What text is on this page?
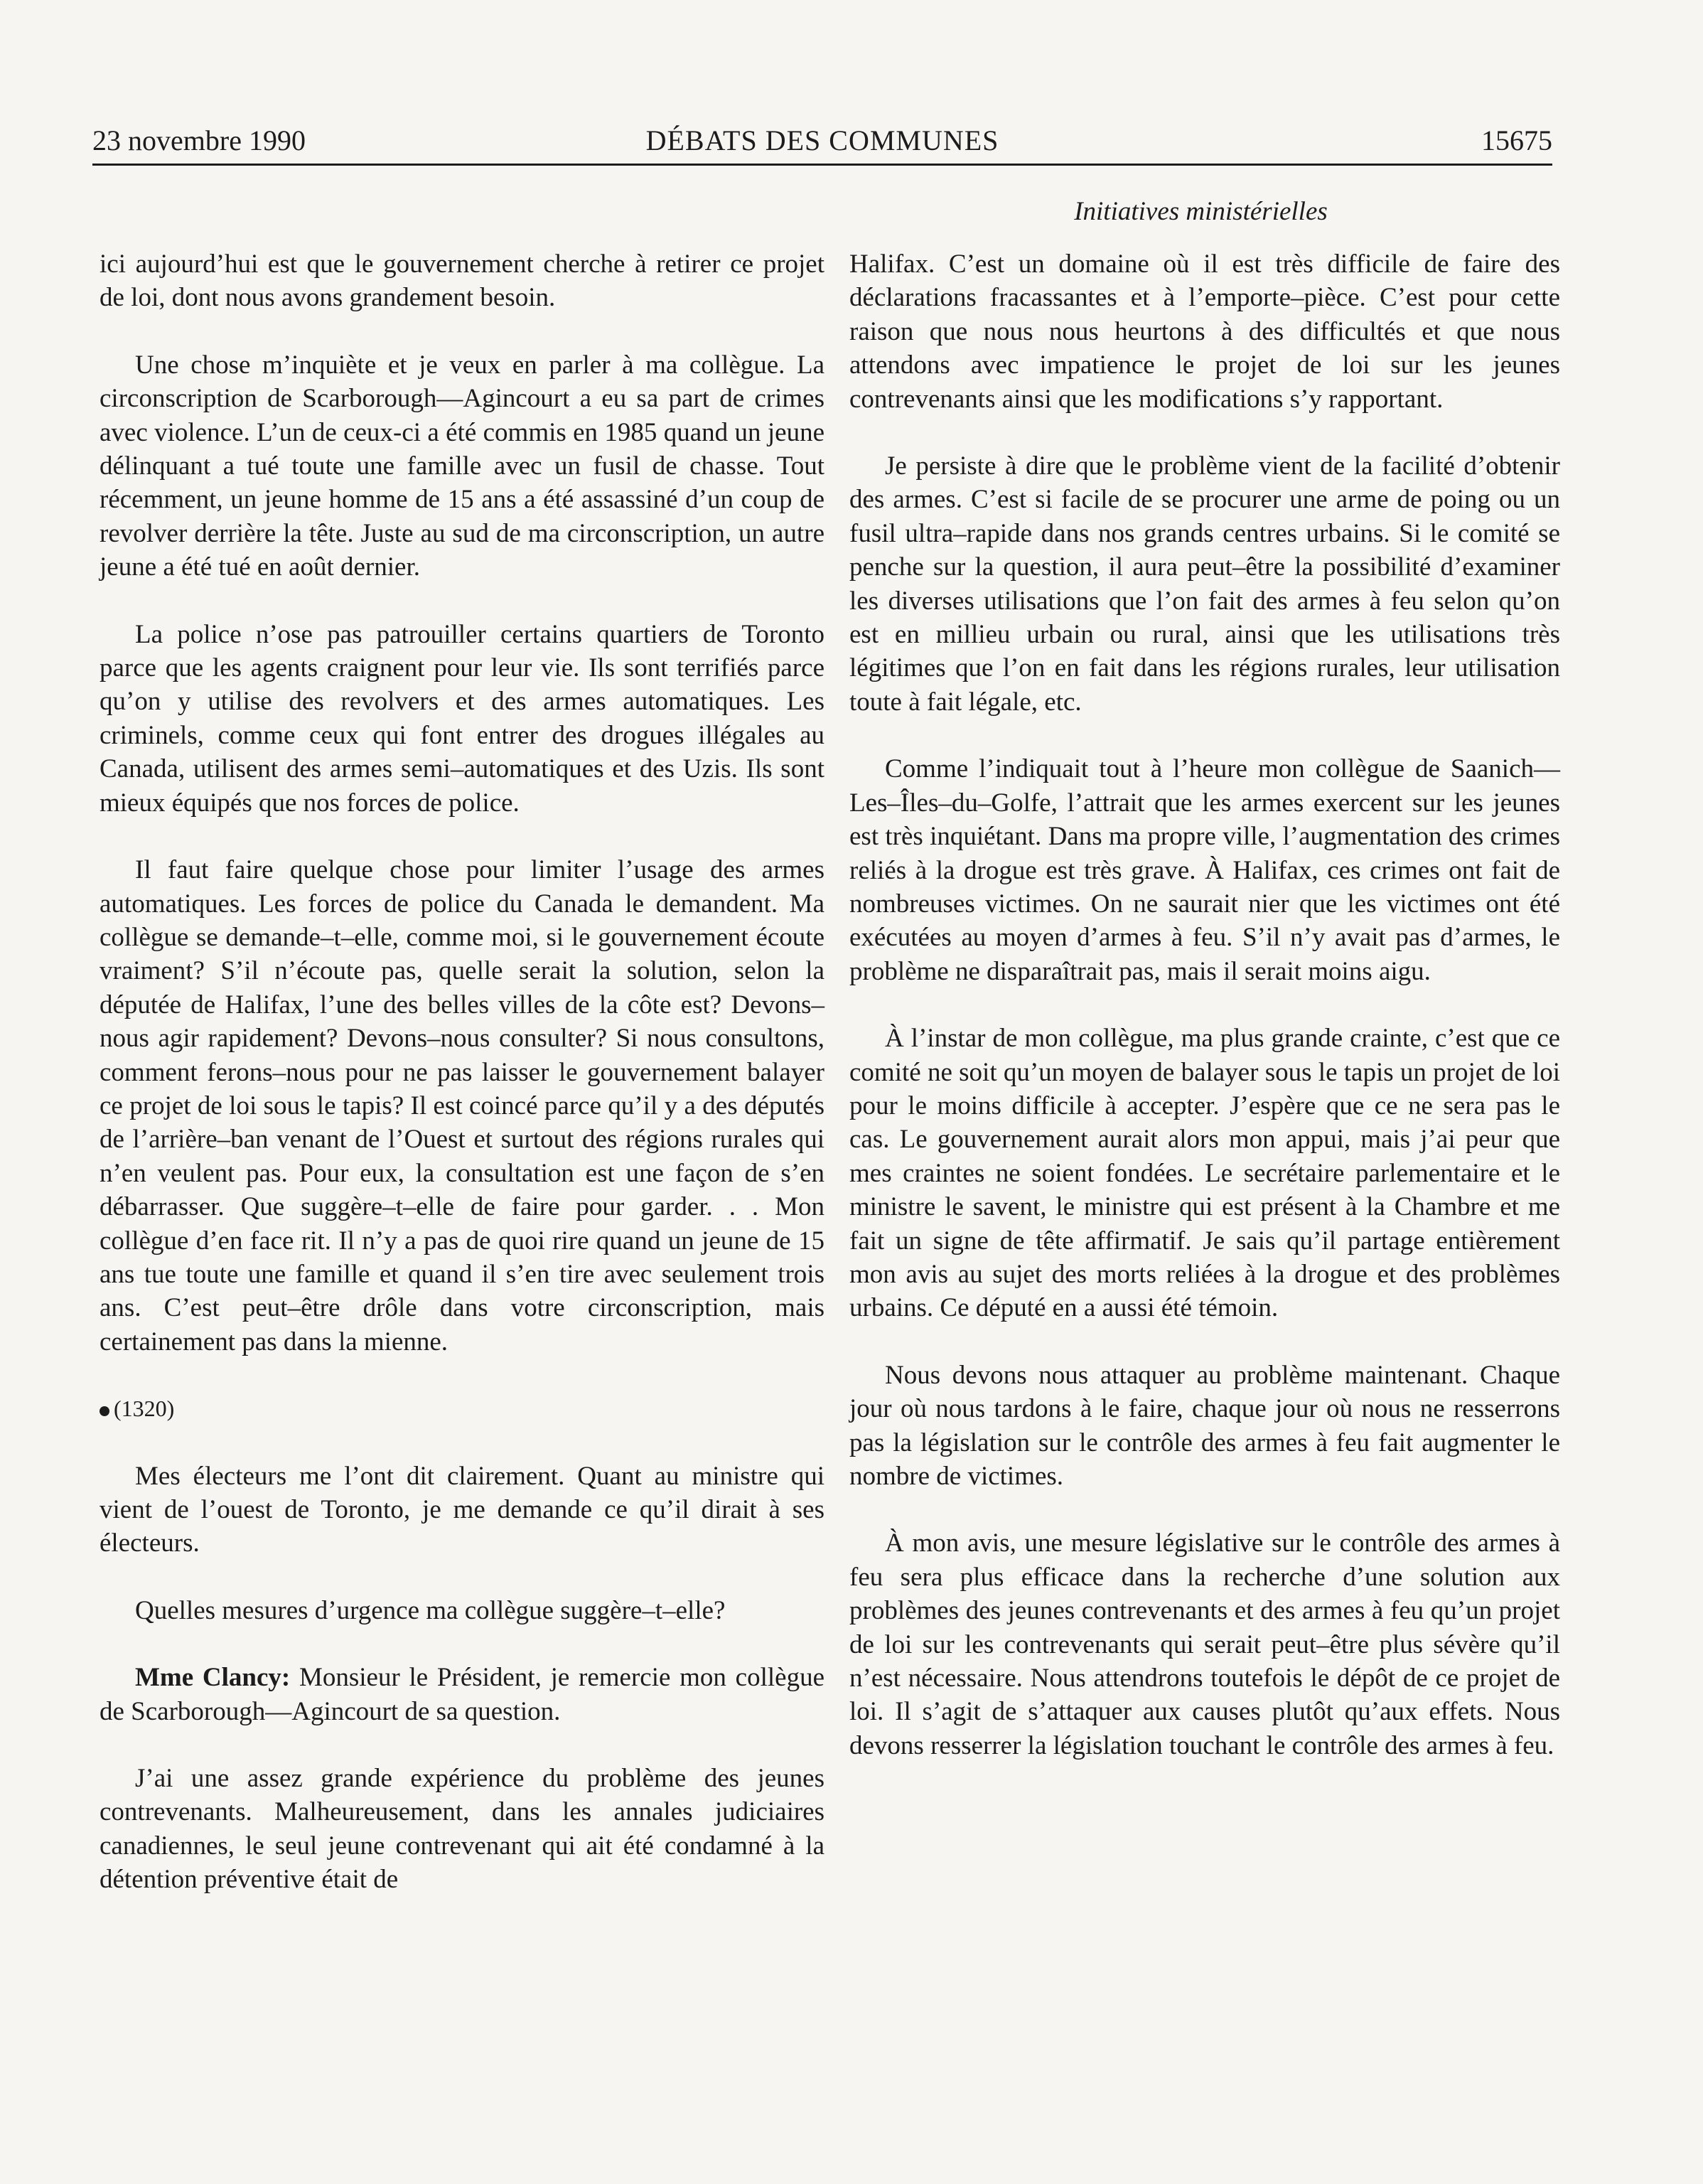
23 novembre 1990	DÉBATS DES COMMUNES	15675
Initiatives ministérielles

ici aujourd’hui est que le gouvernement cherche à retirer ce projet de loi, dont nous avons grandement besoin.

Une chose m’inquiète et je veux en parler à ma collègue. La circonscription de Scarborough—Agincourt a eu sa part de crimes avec violence. L’un de ceux-ci a été commis en 1985 quand un jeune délinquant a tué toute une famille avec un fusil de chasse. Tout récemment, un jeune homme de 15 ans a été assassiné d’un coup de revolver derrière la tête. Juste au sud de ma circonscription, un autre jeune a été tué en août dernier.

La police n’ose pas patrouiller certains quartiers de Toronto parce que les agents craignent pour leur vie. Ils sont terrifiés parce qu’on y utilise des revolvers et des armes automatiques. Les criminels, comme ceux qui font entrer des drogues illégales au Canada, utilisent des armes semi–automatiques et des Uzis. Ils sont mieux équipés que nos forces de police.

Il faut faire quelque chose pour limiter l’usage des armes automatiques. Les forces de police du Canada le demandent. Ma collègue se demande–t–elle, comme moi, si le gouvernement écoute vraiment? S’il n’écoute pas, quelle serait la solution, selon la députée de Halifax, l’une des belles villes de la côte est? Devons–nous agir rapidement? Devons–nous consulter? Si nous consultons, comment ferons–nous pour ne pas laisser le gouvernement balayer ce projet de loi sous le tapis? Il est coincé parce qu’il y a des députés de l’arrière–ban venant de l’Ouest et surtout des régions rurales qui n’en veulent pas. Pour eux, la consultation est une façon de s’en débarrasser. Que suggère–t–elle de faire pour garder. . . Mon collègue d’en face rit. Il n’y a pas de quoi rire quand un jeune de 15 ans tue toute une famille et quand il s’en tire avec seulement trois ans. C’est peut–être drôle dans votre circonscription, mais certainement pas dans la mienne.

(1320)

Mes électeurs me l’ont dit clairement. Quant au ministre qui vient de l’ouest de Toronto, je me demande ce qu’il dirait à ses électeurs.

Quelles mesures d’urgence ma collègue suggère–t–elle?

Mme Clancy: Monsieur le Président, je remercie mon collègue de Scarborough—Agincourt de sa question.

J’ai une assez grande expérience du problème des jeunes contrevenants. Malheureusement, dans les annales judiciaires canadiennes, le seul jeune contrevenant qui ait été condamné à la détention préventive était de

Halifax. C’est un domaine où il est très difficile de faire des déclarations fracassantes et à l’emporte–pièce. C’est pour cette raison que nous nous heurtons à des difficultés et que nous attendons avec impatience le projet de loi sur les jeunes contrevenants ainsi que les modifications s’y rapportant.

Je persiste à dire que le problème vient de la facilité d’obtenir des armes. C’est si facile de se procurer une arme de poing ou un fusil ultra–rapide dans nos grands centres urbains. Si le comité se penche sur la question, il aura peut–être la possibilité d’examiner les diverses utilisations que l’on fait des armes à feu selon qu’on est en millieu urbain ou rural, ainsi que les utilisations très légitimes que l’on en fait dans les régions rurales, leur utilisation toute à fait légale, etc.

Comme l’indiquait tout à l’heure mon collègue de Saanich—Les–Îles–du–Golfe, l’attrait que les armes exercent sur les jeunes est très inquiétant. Dans ma propre ville, l’augmentation des crimes reliés à la drogue est très grave. À Halifax, ces crimes ont fait de nombreuses victimes. On ne saurait nier que les victimes ont été exécutées au moyen d’armes à feu. S’il n’y avait pas d’armes, le problème ne disparaîtrait pas, mais il serait moins aigu.

À l’instar de mon collègue, ma plus grande crainte, c’est que ce comité ne soit qu’un moyen de balayer sous le tapis un projet de loi pour le moins difficile à accepter. J’espère que ce ne sera pas le cas. Le gouvernement aurait alors mon appui, mais j’ai peur que mes craintes ne soient fondées. Le secrétaire parlementaire et le ministre le savent, le ministre qui est présent à la Chambre et me fait un signe de tête affirmatif. Je sais qu’il partage entièrement mon avis au sujet des morts reliées à la drogue et des problèmes urbains. Ce député en a aussi été témoin.

Nous devons nous attaquer au problème maintenant. Chaque jour où nous tardons à le faire, chaque jour où nous ne resserrons pas la législation sur le contrôle des armes à feu fait augmenter le nombre de victimes.

À mon avis, une mesure législative sur le contrôle des armes à feu sera plus efficace dans la recherche d’une solution aux problèmes des jeunes contrevenants et des armes à feu qu’un projet de loi sur les contrevenants qui serait peut–être plus sévère qu’il n’est nécessaire. Nous attendrons toutefois le dépôt de ce projet de loi. Il s’agit de s’attaquer aux causes plutôt qu’aux effets. Nous devons resserrer la législation touchant le contrôle des armes à feu.
